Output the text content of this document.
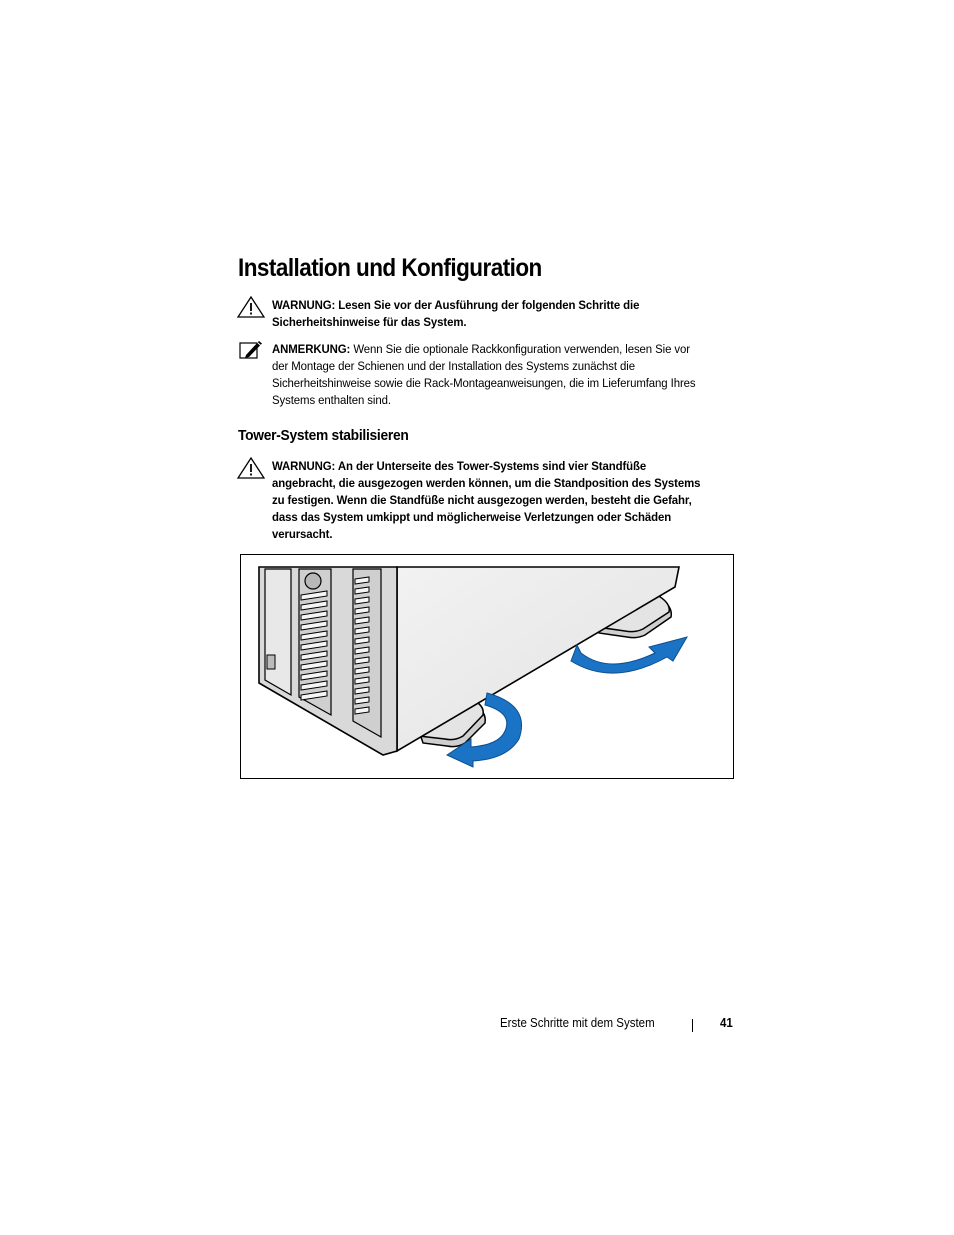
Installation und Konfiguration
WARNUNG: Lesen Sie vor der Ausführung der folgenden Schritte die Sicherheitshinweise für das System.
ANMERKUNG: Wenn Sie die optionale Rackkonfiguration verwenden, lesen Sie vor der Montage der Schienen und der Installation des Systems zunächst die Sicherheitshinweise sowie die Rack-Montageanweisungen, die im Lieferumfang Ihres Systems enthalten sind.
Tower-System stabilisieren
WARNUNG: An der Unterseite des Tower-Systems sind vier Standfüße angebracht, die ausgezogen werden können, um die Standposition des Systems zu festigen. Wenn die Standfüße nicht ausgezogen werden, besteht die Gefahr, dass das System umkippt und möglicherweise Verletzungen oder Schäden verursacht.
Erste Schritte mit dem System	41
